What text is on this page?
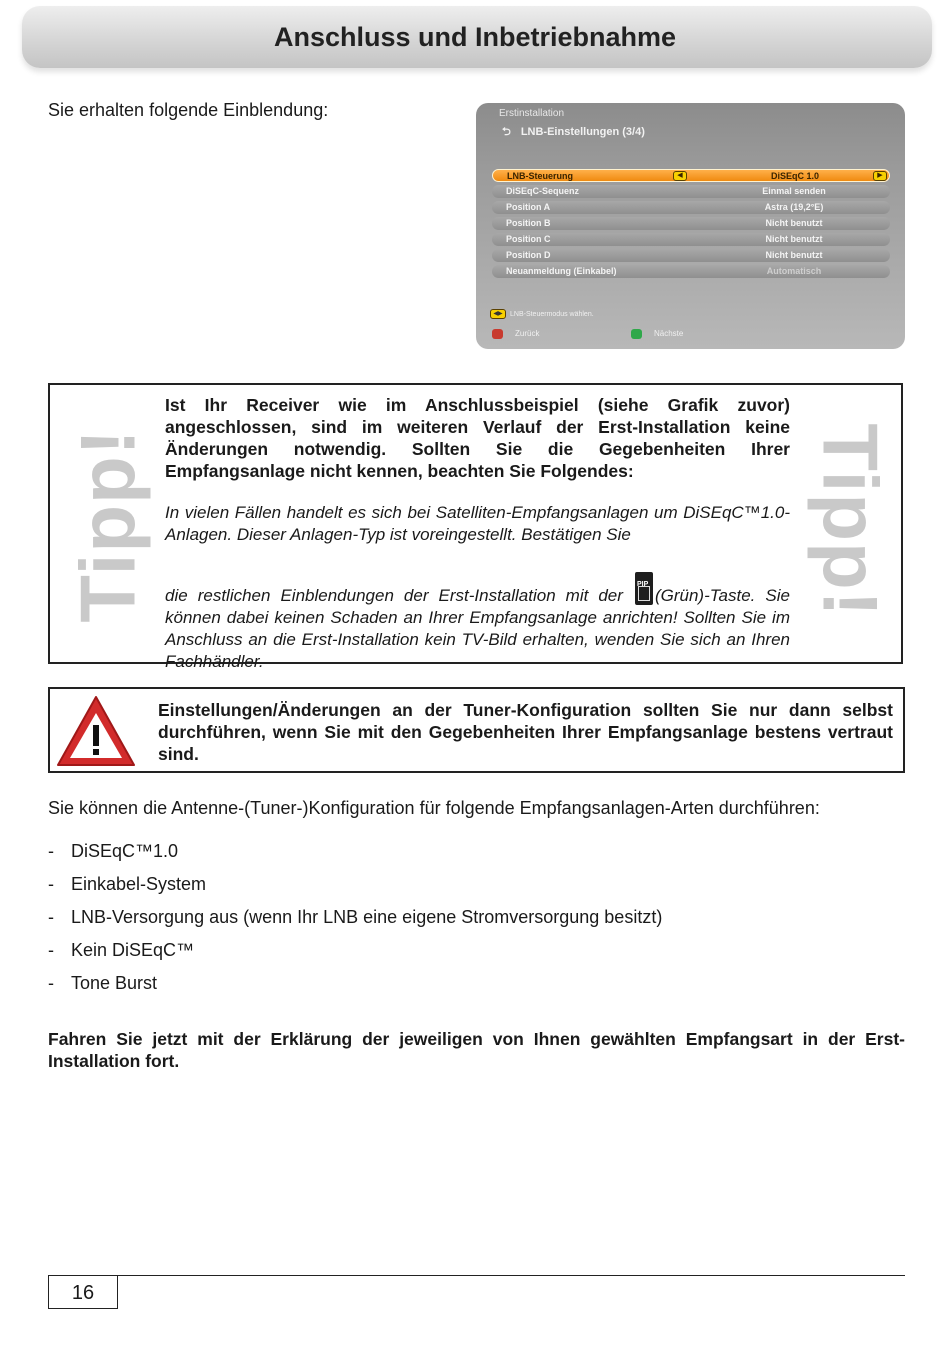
Anschluss und Inbetriebnahme
Sie erhalten folgende Einblendung:	Erstinstallation
⮌ LNB-Einstellungen (3/4)
LNB-Steuerung	◀	DiSEqC 1.0	▶
DiSEqC-Sequenz	Einmal senden
Position A	Astra (19,2°E)
Position B	Nicht benutzt
Position C	Nicht benutzt
Position D	Nicht benutzt
Neuanmeldung (Einkabel)	Automatisch
◀▶ LNB-Steuermodus wählen.
Zurück	Nächste
Tipp!	Tipp!
Ist Ihr Receiver wie im Anschlussbeispiel (siehe Grafik zuvor) angeschlossen, sind im weiteren Verlauf der Erst-Installation keine Änderungen notwendig. Sollten Sie die Gegebenheiten Ihrer Empfangsanlage nicht kennen, beachten Sie Folgendes:
In vielen Fällen handelt es sich bei Satelliten-Empfangsanlagen um DiSEqC™1.0-Anlagen. Dieser Anlagen-Typ ist voreingestellt. Bestätigen Sie
die restlichen Einblendungen der Erst-Installation mit der
PIP
(Grün)-Taste. Sie können dabei keinen Schaden an Ihrer Empfangsanlage anrichten! Sollten Sie im Anschluss an die Erst-Installation kein TV-Bild erhalten, wenden Sie sich an Ihren Fachhändler.
Einstellungen/Änderungen an der Tuner-Konfiguration sollten Sie nur dann selbst durchführen, wenn Sie mit den Gegebenheiten Ihrer Empfangsanlage bestens vertraut sind.
Sie können die Antenne-(Tuner-)Konfiguration für folgende Empfangsanlagen-Arten durchführen:
- DiSEqC™1.0
- Einkabel-System
- LNB-Versorgung aus (wenn Ihr LNB eine eigene Stromversorgung besitzt)
- Kein DiSEqC™
- Tone Burst
Fahren Sie jetzt mit der Erklärung der jeweiligen von Ihnen gewählten Empfangsart in der Erst-Installation fort.
16
